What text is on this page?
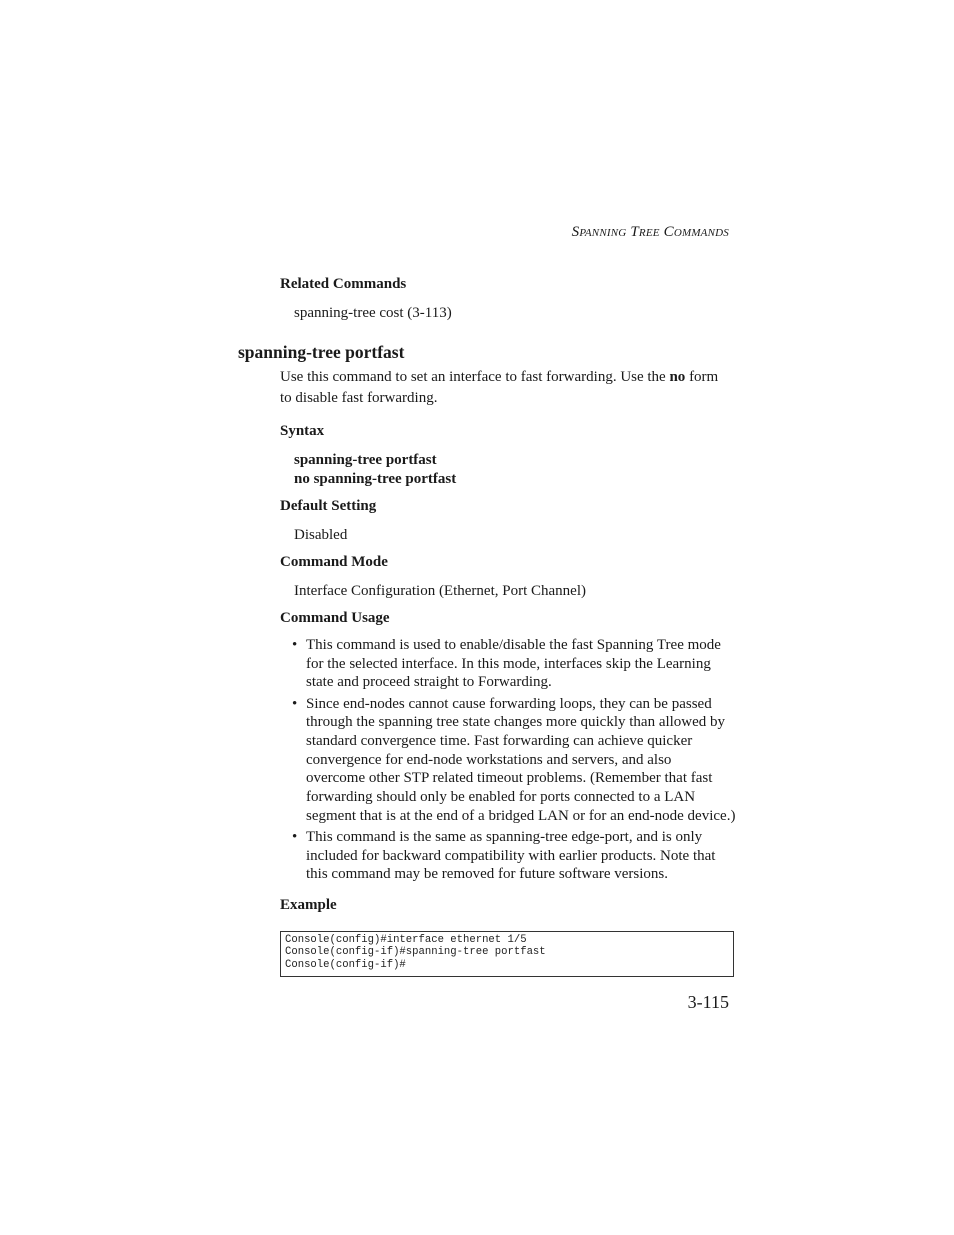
Spanning Tree Commands
Related Commands
spanning-tree cost (3-113)
spanning-tree portfast
Use this command to set an interface to fast forwarding. Use the no form
to disable fast forwarding.
Syntax
spanning-tree portfast
no spanning-tree portfast
Default Setting
Disabled
Command Mode
Interface Configuration (Ethernet, Port Channel)
Command Usage
• This command is used to enable/disable the fast Spanning Tree mode
for the selected interface. In this mode, interfaces skip the Learning
state and proceed straight to Forwarding.
• Since end-nodes cannot cause forwarding loops, they can be passed
through the spanning tree state changes more quickly than allowed by
standard convergence time. Fast forwarding can achieve quicker
convergence for end-node workstations and servers, and also
overcome other STP related timeout problems. (Remember that fast
forwarding should only be enabled for ports connected to a LAN
segment that is at the end of a bridged LAN or for an end-node device.)
• This command is the same as spanning-tree edge-port, and is only
included for backward compatibility with earlier products. Note that
this command may be removed for future software versions.
Example
Console(config)#interface ethernet 1/5
Console(config-if)#spanning-tree portfast
Console(config-if)#
3-115
